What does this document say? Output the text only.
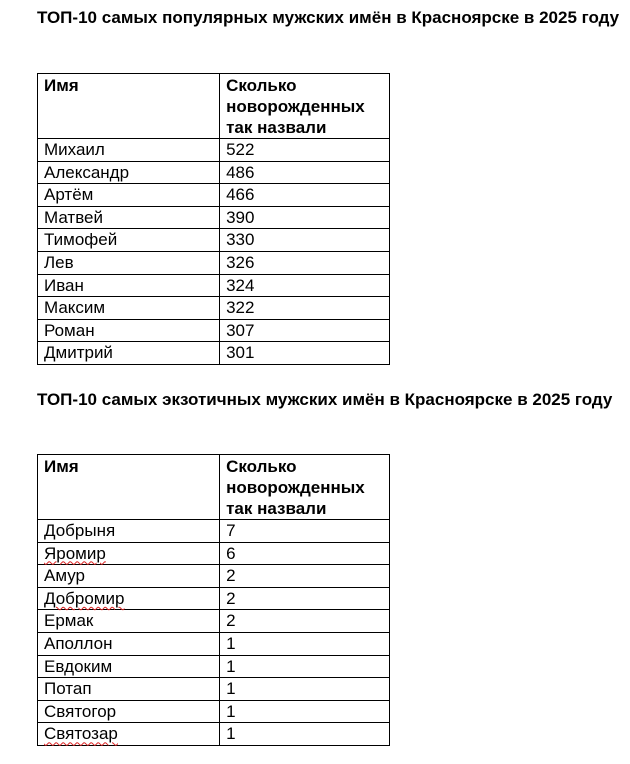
ТОП-10 самых популярных мужских имён в Красноярске в 2025 году

Имя	Сколько новорожденных так назвали
Михаил	522
Александр	486
Артём	466
Матвей	390
Тимофей	330
Лев	326
Иван	324
Максим	322
Роман	307
Дмитрий	301

ТОП-10 самых экзотичных мужских имён в Красноярске в 2025 году

Имя	Сколько новорожденных так назвали
Добрыня	7
Яромир	6
Амур	2
Добромир	2
Ермак	2
Аполлон	1
Евдоким	1
Потап	1
Святогор	1
Святозар	1
